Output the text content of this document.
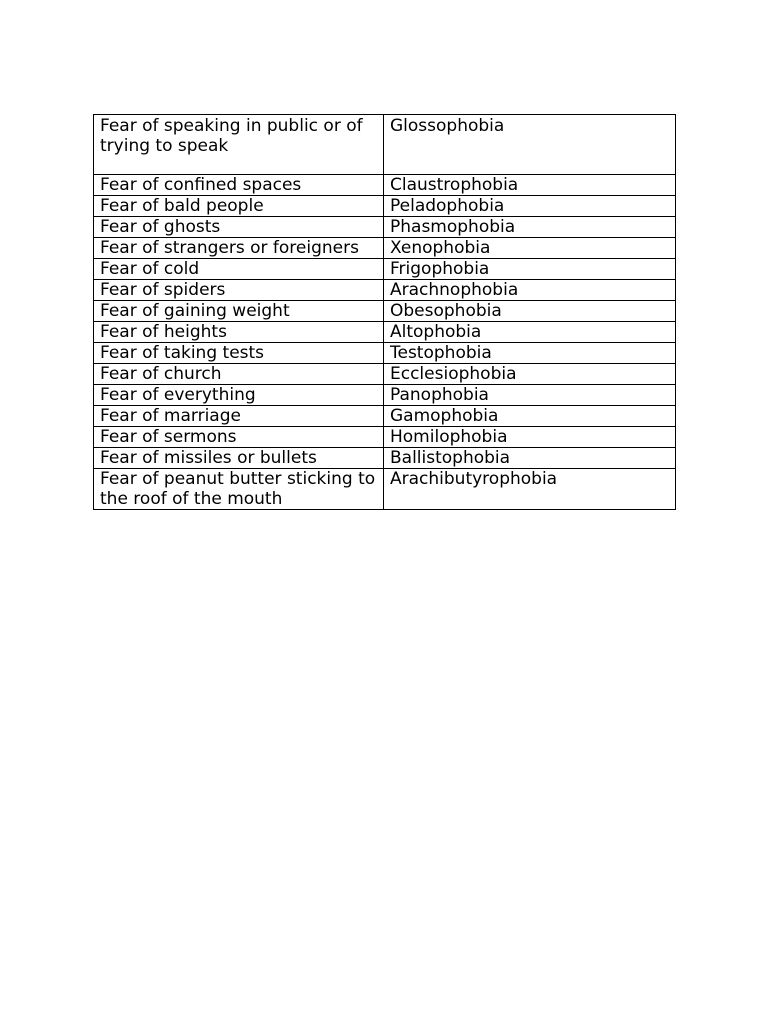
Fear of speaking in public or of trying to speak	Glossophobia
Fear of confined spaces	Claustrophobia
Fear of bald people	Peladophobia
Fear of ghosts	Phasmophobia
Fear of strangers or foreigners	Xenophobia
Fear of cold	Frigophobia
Fear of spiders	Arachnophobia
Fear of gaining weight	Obesophobia
Fear of heights	Altophobia
Fear of taking tests	Testophobia
Fear of church	Ecclesiophobia
Fear of everything	Panophobia
Fear of marriage	Gamophobia
Fear of sermons	Homilophobia
Fear of missiles or bullets	Ballistophobia
Fear of peanut butter sticking to the roof of the mouth	Arachibutyrophobia
